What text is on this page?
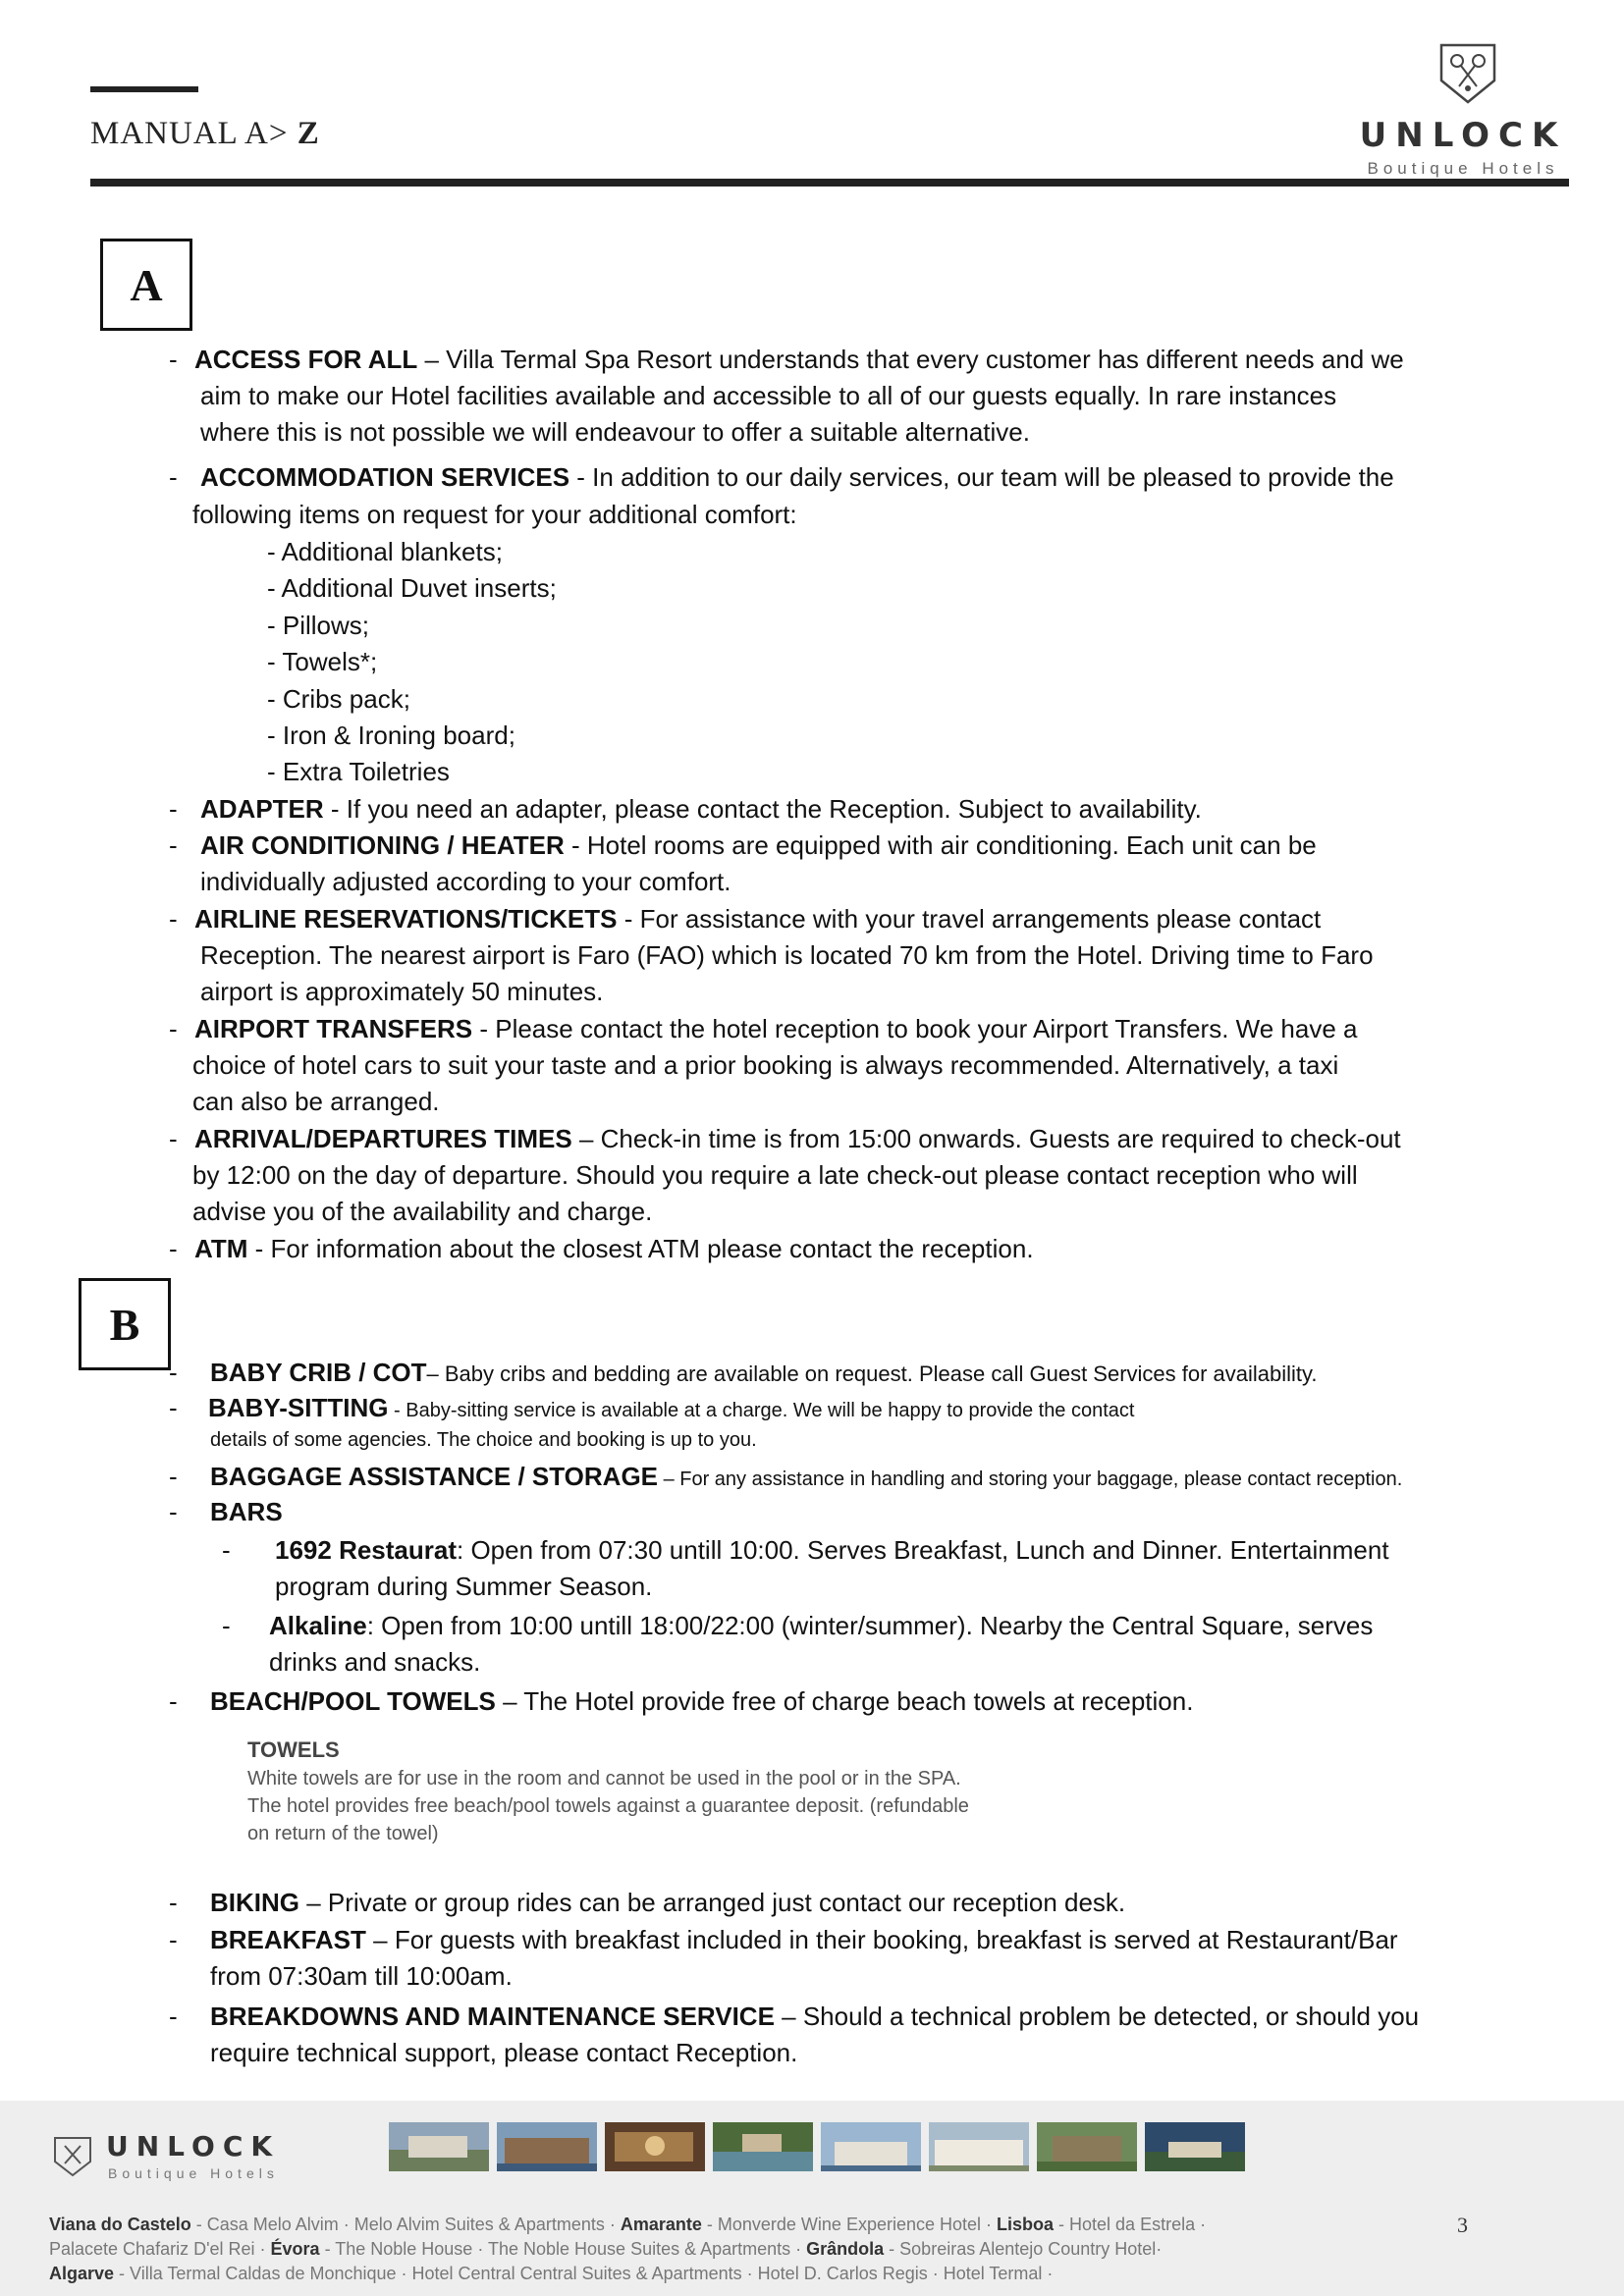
MANUAL A> Z	UNLOCK
Boutique Hotels
A
- ACCESS FOR ALL – Villa Termal Spa Resort understands that every customer has different needs and we
aim to make our Hotel facilities available and accessible to all of our guests equally. In rare instances
where this is not possible we will endeavour to offer a suitable alternative.
- ACCOMMODATION SERVICES - In addition to our daily services, our team will be pleased to provide the
following items on request for your additional comfort:
- Additional blankets;
- Additional Duvet inserts;
- Pillows;
- Towels*;
- Cribs pack;
- Iron & Ironing board;
- Extra Toiletries
- ADAPTER - If you need an adapter, please contact the Reception. Subject to availability.
- AIR CONDITIONING / HEATER - Hotel rooms are equipped with air conditioning. Each unit can be
individually adjusted according to your comfort.
- AIRLINE RESERVATIONS/TICKETS - For assistance with your travel arrangements please contact
Reception. The nearest airport is Faro (FAO) which is located 70 km from the Hotel. Driving time to Faro
airport is approximately 50 minutes.
- AIRPORT TRANSFERS - Please contact the hotel reception to book your Airport Transfers. We have a
choice of hotel cars to suit your taste and a prior booking is always recommended. Alternatively, a taxi
can also be arranged.
- ARRIVAL/DEPARTURES TIMES – Check-in time is from 15:00 onwards. Guests are required to check-out
by 12:00 on the day of departure. Should you require a late check-out please contact reception who will
advise you of the availability and charge.
- ATM - For information about the closest ATM please contact the reception.
B
- BABY CRIB / COT– Baby cribs and bedding are available on request. Please call Guest Services for availability.
- BABY-SITTING - Baby-sitting service is available at a charge. We will be happy to provide the contact
details of some agencies. The choice and booking is up to you.
- BAGGAGE ASSISTANCE / STORAGE – For any assistance in handling and storing your baggage, please contact reception.
- BARS
- 1692 Restaurat: Open from 07:30 untill 10:00. Serves Breakfast, Lunch and Dinner. Entertainment
program during Summer Season.
- Alkaline: Open from 10:00 untill 18:00/22:00 (winter/summer). Nearby the Central Square, serves
drinks and snacks.
- BEACH/POOL TOWELS – The Hotel provide free of charge beach towels at reception.
TOWELS
White towels are for use in the room and cannot be used in the pool or in the SPA.
The hotel provides free beach/pool towels against a guarantee deposit. (refundable
on return of the towel)
- BIKING – Private or group rides can be arranged just contact our reception desk.
- BREAKFAST – For guests with breakfast included in their booking, breakfast is served at Restaurant/Bar
from 07:30am till 10:00am.
- BREAKDOWNS AND MAINTENANCE SERVICE – Should a technical problem be detected, or should you
require technical support, please contact Reception.
UNLOCK
Boutique Hotels
Viana do Castelo - Casa Melo Alvim · Melo Alvim Suites & Apartments · Amarante - Monverde Wine Experience Hotel · Lisboa - Hotel da Estrela ·
Palacete Chafariz D'el Rei · Évora - The Noble House · The Noble House Suites & Apartments · Grândola - Sobreiras Alentejo Country Hotel·
Algarve - Villa Termal Caldas de Monchique · Hotel Central Central Suites & Apartments · Hotel D. Carlos Regis · Hotel Termal ·
3
